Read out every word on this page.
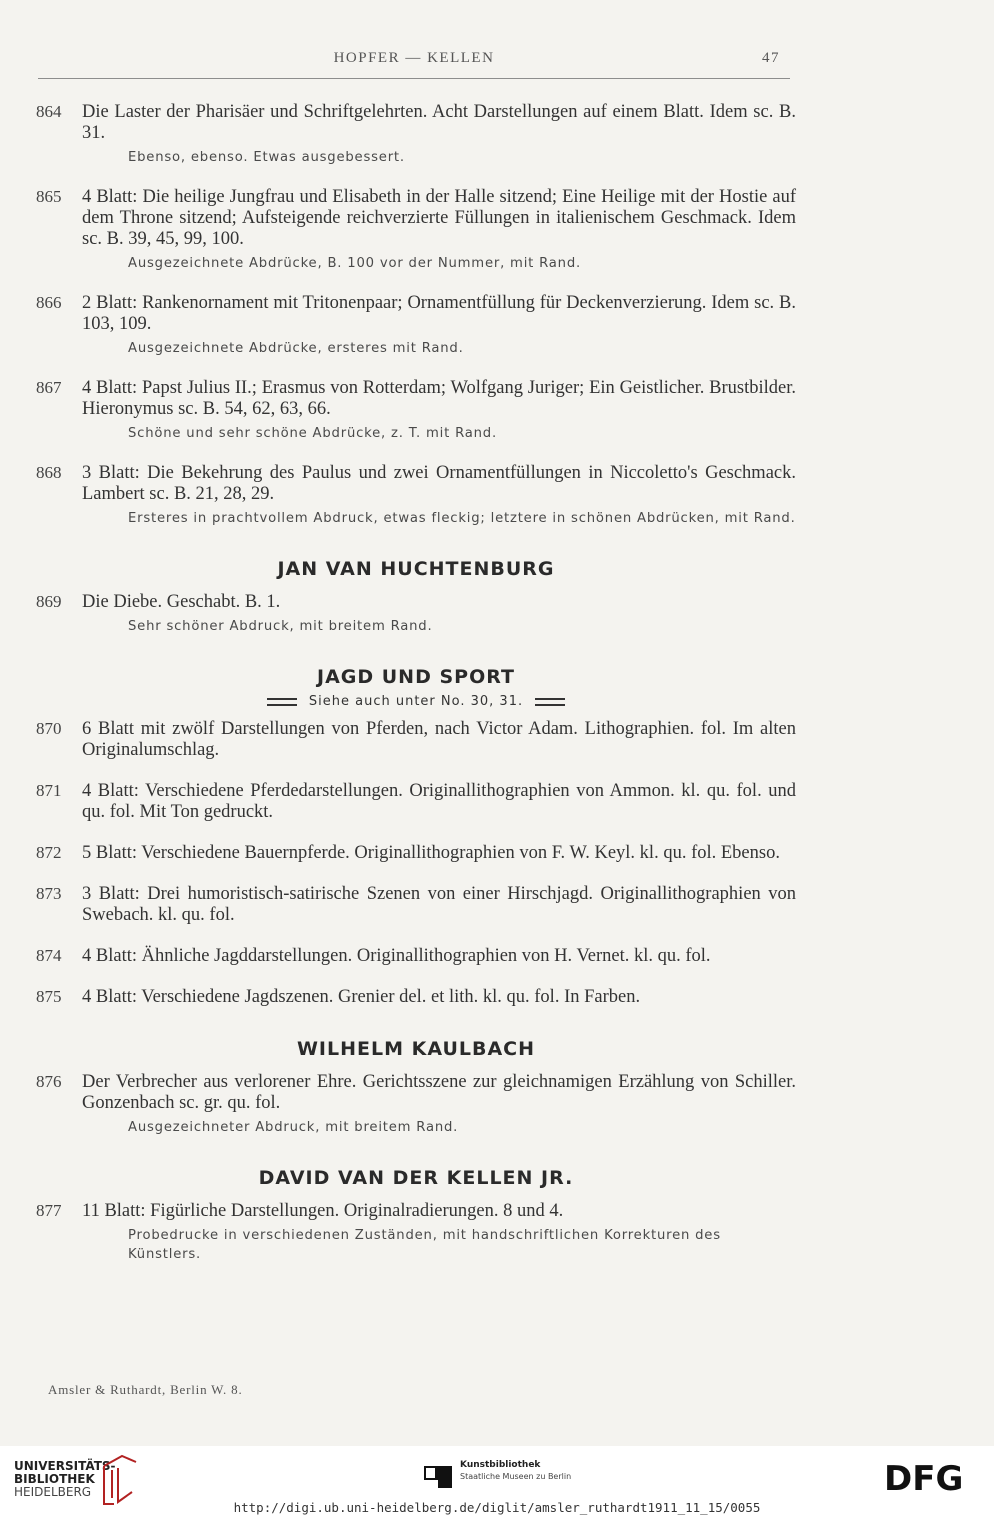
HOPFER — KELLEN	47
864	Die Laster der Pharisäer und Schriftgelehrten. Acht Darstellungen auf einem Blatt. Idem sc. B. 31.
Ebenso, ebenso. Etwas ausgebessert.
865	4 Blatt: Die heilige Jungfrau und Elisabeth in der Halle sitzend; Eine Heilige mit der Hostie auf dem Throne sitzend; Aufsteigende reichverzierte Füllungen in italienischem Geschmack. Idem sc. B. 39, 45, 99, 100.
Ausgezeichnete Abdrücke, B. 100 vor der Nummer, mit Rand.
866	2 Blatt: Rankenornament mit Tritonenpaar; Ornamentfüllung für Deckenverzierung. Idem sc. B. 103, 109.
Ausgezeichnete Abdrücke, ersteres mit Rand.
867	4 Blatt: Papst Julius II.; Erasmus von Rotterdam; Wolfgang Juriger; Ein Geistlicher. Brustbilder. Hieronymus sc. B. 54, 62, 63, 66.
Schöne und sehr schöne Abdrücke, z. T. mit Rand.
868	3 Blatt: Die Bekehrung des Paulus und zwei Ornamentfüllungen in Niccoletto's Geschmack. Lambert sc. B. 21, 28, 29.
Ersteres in prachtvollem Abdruck, etwas fleckig; letztere in schönen Abdrücken, mit Rand.
JAN VAN HUCHTENBURG
869	Die Diebe. Geschabt. B. 1.
Sehr schöner Abdruck, mit breitem Rand.
JAGD UND SPORT
Siehe auch unter No. 30, 31.
870	6 Blatt mit zwölf Darstellungen von Pferden, nach Victor Adam. Lithographien. fol. Im alten Originalumschlag.
871	4 Blatt: Verschiedene Pferdedarstellungen. Originallithographien von Ammon. kl. qu. fol. und qu. fol. Mit Ton gedruckt.
872	5 Blatt: Verschiedene Bauernpferde. Originallithographien von F. W. Keyl. kl. qu. fol. Ebenso.
873	3 Blatt: Drei humoristisch-satirische Szenen von einer Hirschjagd. Originallithographien von Swebach. kl. qu. fol.
874	4 Blatt: Ähnliche Jagddarstellungen. Originallithographien von H. Vernet. kl. qu. fol.
875	4 Blatt: Verschiedene Jagdszenen. Grenier del. et lith. kl. qu. fol. In Farben.
WILHELM KAULBACH
876	Der Verbrecher aus verlorener Ehre. Gerichtsszene zur gleichnamigen Erzählung von Schiller. Gonzenbach sc. gr. qu. fol.
Ausgezeichneter Abdruck, mit breitem Rand.
DAVID VAN DER KELLEN JR.
877	11 Blatt: Figürliche Darstellungen. Originalradierungen. 8 und 4.
Probedrucke in verschiedenen Zuständen, mit handschriftlichen Korrekturen des Künstlers.
Amsler & Ruthardt, Berlin W. 8.
UNIVERSITÄTS-
BIBLIOTHEK
HEIDELBERG
Kunstbibliothek
Staatliche Museen zu Berlin	DFG
http://digi.ub.uni-heidelberg.de/diglit/amsler_ruthardt1911_11_15/0055
